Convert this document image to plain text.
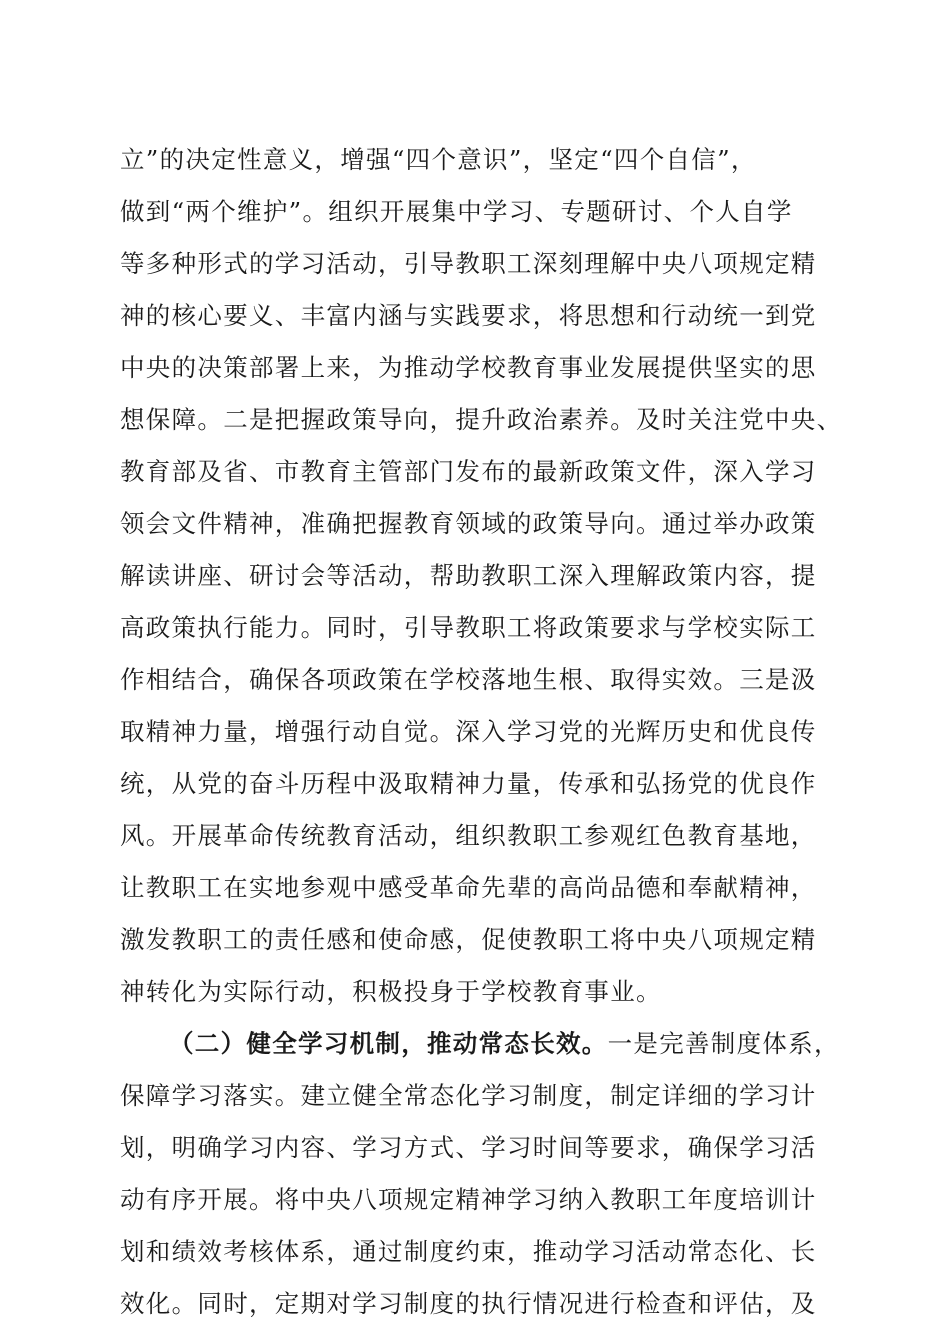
立”的决定性意义，增强“四个意识”，坚定“四个自信”，
做到“两个维护”。组织开展集中学习、专题研讨、个人自学
等多种形式的学习活动，引导教职工深刻理解中央八项规定精
神的核心要义、丰富内涵与实践要求，将思想和行动统一到党
中央的决策部署上来，为推动学校教育事业发展提供坚实的思
想保障。二是把握政策导向，提升政治素养。及时关注党中央、
教育部及省、市教育主管部门发布的最新政策文件，深入学习
领会文件精神，准确把握教育领域的政策导向。通过举办政策
解读讲座、研讨会等活动，帮助教职工深入理解政策内容，提
高政策执行能力。同时，引导教职工将政策要求与学校实际工
作相结合，确保各项政策在学校落地生根、取得实效。三是汲
取精神力量，增强行动自觉。深入学习党的光辉历史和优良传
统，从党的奋斗历程中汲取精神力量，传承和弘扬党的优良作
风。开展革命传统教育活动，组织教职工参观红色教育基地，
让教职工在实地参观中感受革命先辈的高尚品德和奉献精神，
激发教职工的责任感和使命感，促使教职工将中央八项规定精
神转化为实际行动，积极投身于学校教育事业。
（二）健全学习机制，推动常态长效。一是完善制度体系，
保障学习落实。建立健全常态化学习制度，制定详细的学习计
划，明确学习内容、学习方式、学习时间等要求，确保学习活
动有序开展。将中央八项规定精神学习纳入教职工年度培训计
划和绩效考核体系，通过制度约束，推动学习活动常态化、长
效化。同时，定期对学习制度的执行情况进行检查和评估，及
